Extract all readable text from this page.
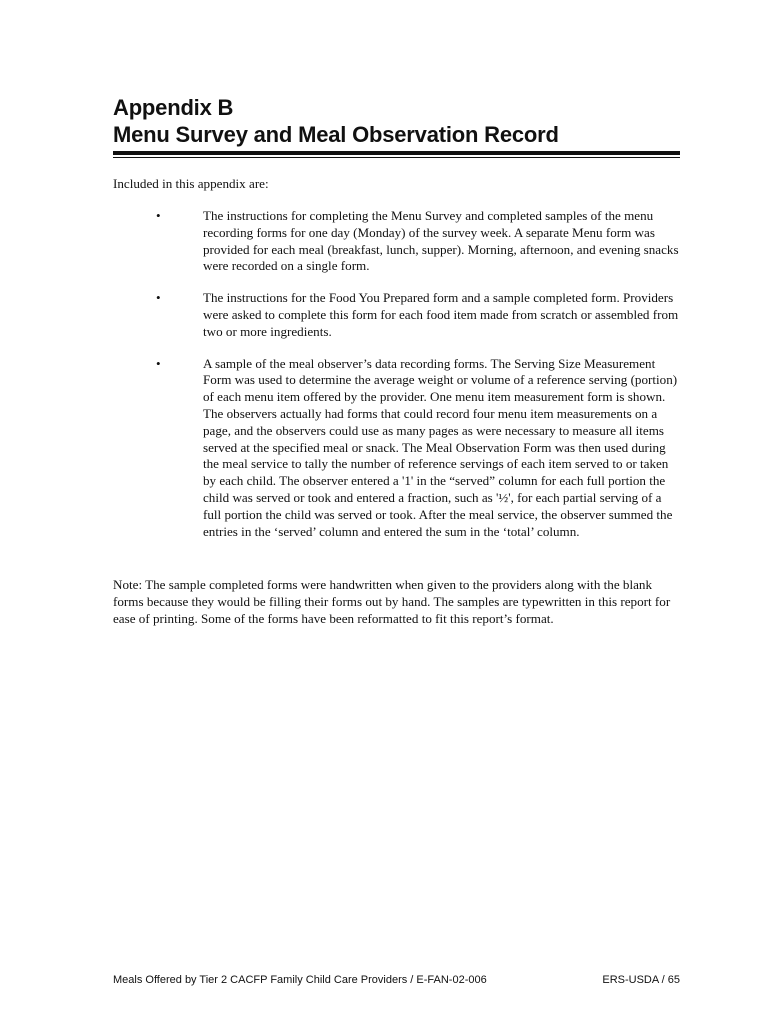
Appendix B
Menu Survey and Meal Observation Record
Included in this appendix are:
•	The instructions for completing the Menu Survey and completed samples of the menu recording forms for one day (Monday) of the survey week. A separate Menu form was provided for each meal (breakfast, lunch, supper). Morning, afternoon, and evening snacks were recorded on a single form.
•	The instructions for the Food You Prepared form and a sample completed form. Providers were asked to complete this form for each food item made from scratch or assembled from two or more ingredients.
•	A sample of the meal observer’s data recording forms. The Serving Size Measurement Form was used to determine the average weight or volume of a reference serving (portion) of each menu item offered by the provider. One menu item measurement form is shown. The observers actually had forms that could record four menu item measurements on a page, and the observers could use as many pages as were necessary to measure all items served at the specified meal or snack. The Meal Observation Form was then used during the meal service to tally the number of reference servings of each item served to or taken by each child. The observer entered a '1' in the “served” column for each full portion the child was served or took and entered a fraction, such as '½', for each partial serving of a full portion the child was served or took. After the meal service, the observer summed the entries in the ‘served’ column and entered the sum in the ‘total’ column.
Note: The sample completed forms were handwritten when given to the providers along with the blank forms because they would be filling their forms out by hand. The samples are typewritten in this report for ease of printing. Some of the forms have been reformatted to fit this report’s format.
Meals Offered by Tier 2 CACFP Family Child Care Providers / E-FAN-02-006	ERS-USDA / 65
